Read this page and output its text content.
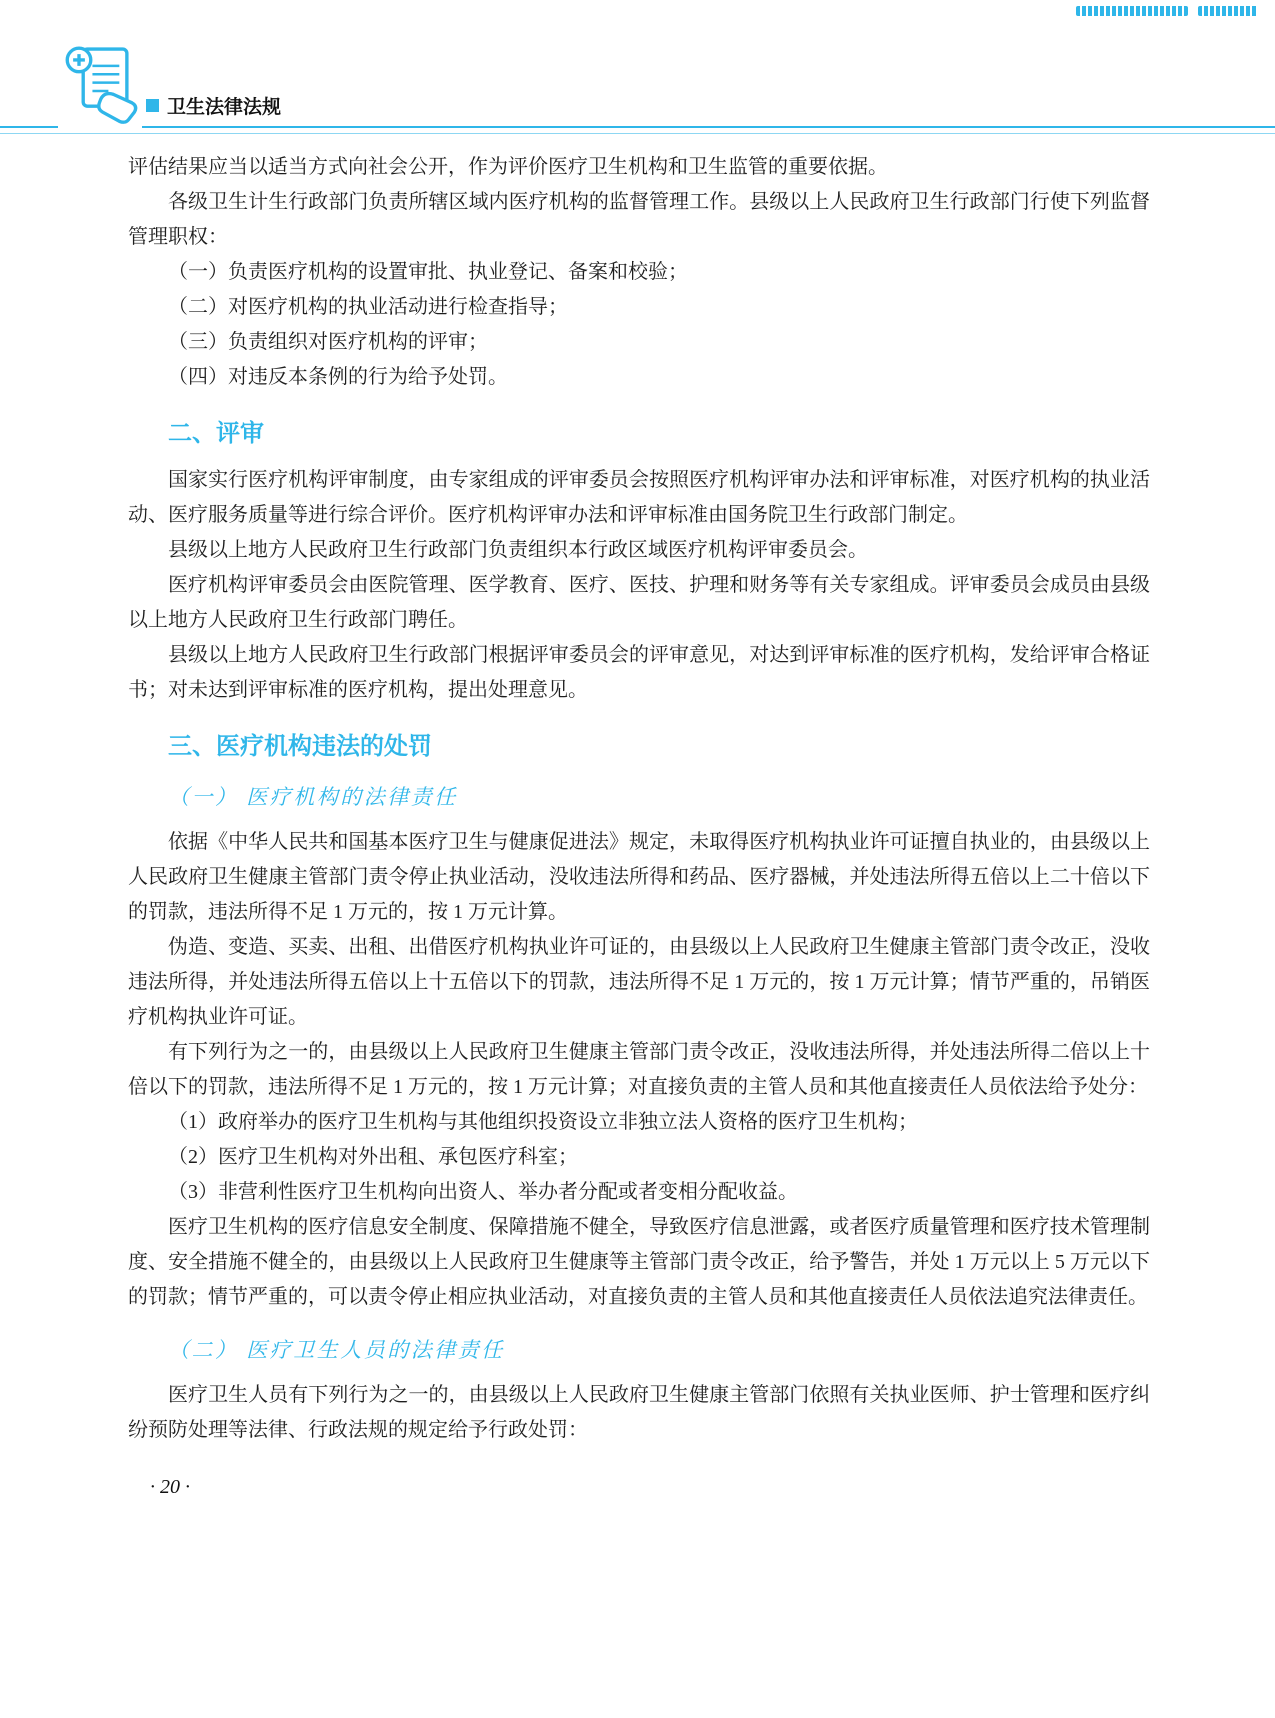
卫生法律法规

评估结果应当以适当方式向社会公开，作为评价医疗卫生机构和卫生监管的重要依据。

各级卫生计生行政部门负责所辖区域内医疗机构的监督管理工作。县级以上人民政府卫生行政部门行使下列监督管理职权：

（一）负责医疗机构的设置审批、执业登记、备案和校验；

（二）对医疗机构的执业活动进行检查指导；

（三）负责组织对医疗机构的评审；

（四）对违反本条例的行为给予处罚。

二、评审

国家实行医疗机构评审制度，由专家组成的评审委员会按照医疗机构评审办法和评审标准，对医疗机构的执业活动、医疗服务质量等进行综合评价。医疗机构评审办法和评审标准由国务院卫生行政部门制定。

县级以上地方人民政府卫生行政部门负责组织本行政区域医疗机构评审委员会。

医疗机构评审委员会由医院管理、医学教育、医疗、医技、护理和财务等有关专家组成。评审委员会成员由县级以上地方人民政府卫生行政部门聘任。

县级以上地方人民政府卫生行政部门根据评审委员会的评审意见，对达到评审标准的医疗机构，发给评审合格证书；对未达到评审标准的医疗机构，提出处理意见。

三、医疗机构违法的处罚
（一） 医疗机构的法律责任

依据《中华人民共和国基本医疗卫生与健康促进法》规定，未取得医疗机构执业许可证擅自执业的，由县级以上人民政府卫生健康主管部门责令停止执业活动，没收违法所得和药品、医疗器械，并处违法所得五倍以上二十倍以下的罚款，违法所得不足 1 万元的，按 1 万元计算。

伪造、变造、买卖、出租、出借医疗机构执业许可证的，由县级以上人民政府卫生健康主管部门责令改正，没收违法所得，并处违法所得五倍以上十五倍以下的罚款，违法所得不足 1 万元的，按 1 万元计算；情节严重的，吊销医疗机构执业许可证。

有下列行为之一的，由县级以上人民政府卫生健康主管部门责令改正，没收违法所得，并处违法所得二倍以上十倍以下的罚款，违法所得不足 1 万元的，按 1 万元计算；对直接负责的主管人员和其他直接责任人员依法给予处分：

（1）政府举办的医疗卫生机构与其他组织投资设立非独立法人资格的医疗卫生机构；

（2）医疗卫生机构对外出租、承包医疗科室；

（3）非营利性医疗卫生机构向出资人、举办者分配或者变相分配收益。

医疗卫生机构的医疗信息安全制度、保障措施不健全，导致医疗信息泄露，或者医疗质量管理和医疗技术管理制度、安全措施不健全的，由县级以上人民政府卫生健康等主管部门责令改正，给予警告，并处 1 万元以上 5 万元以下的罚款；情节严重的，可以责令停止相应执业活动，对直接负责的主管人员和其他直接责任人员依法追究法律责任。

（二） 医疗卫生人员的法律责任

医疗卫生人员有下列行为之一的，由县级以上人民政府卫生健康主管部门依照有关执业医师、护士管理和医疗纠纷预防处理等法律、行政法规的规定给予行政处罚：

· 20 ·
